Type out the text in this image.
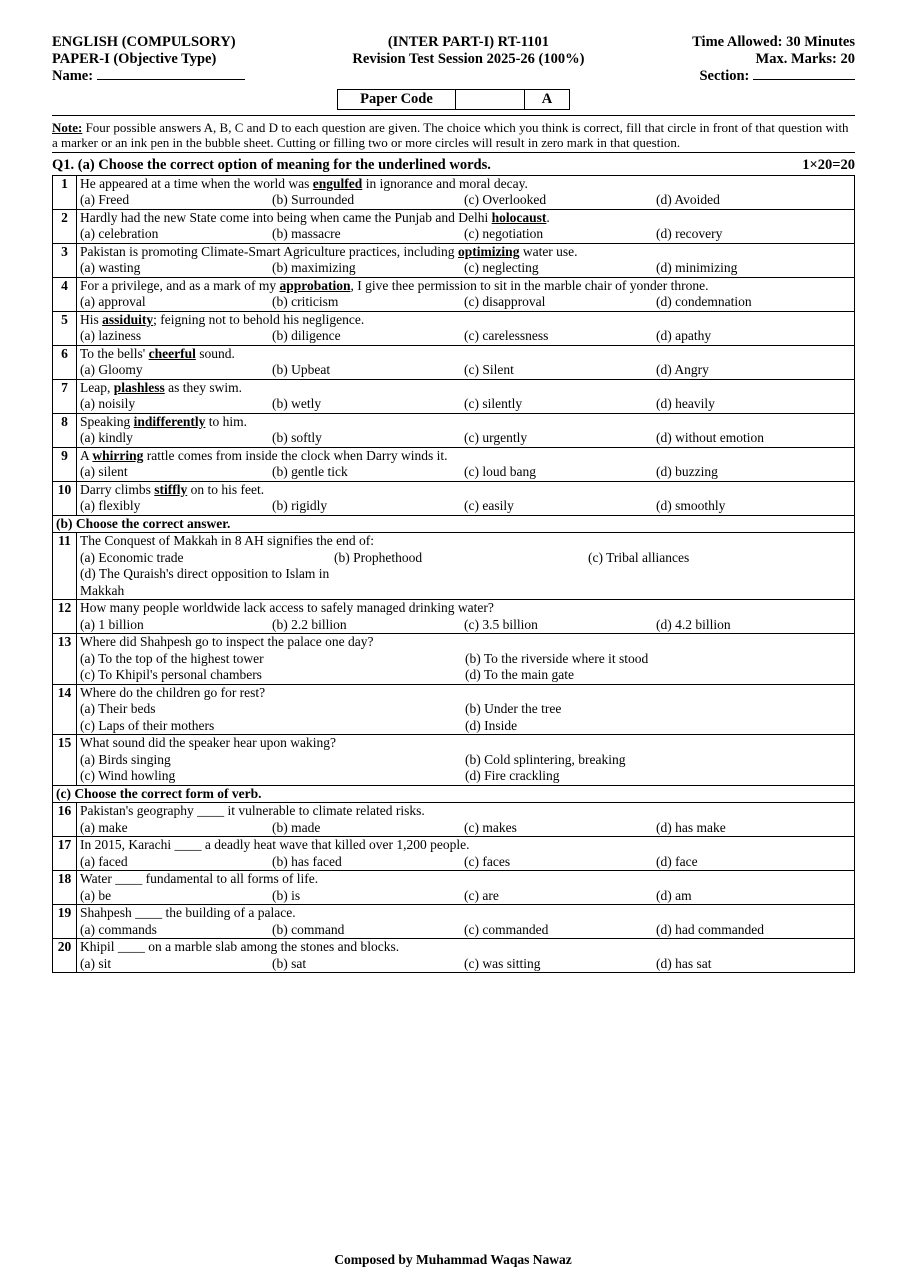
ENGLISH (COMPULSORY)
PAPER-I (Objective Type)
Name:
(INTER PART-I) RT-1101
Revision Test Session 2025-26 (100%)
Time Allowed: 30 Minutes
Max. Marks: 20
Section:
Paper Code		A
Note: Four possible answers A, B, C and D to each question are given. The choice which you think is correct, fill that circle in front of that question with a marker or an ink pen in the bubble sheet. Cutting or filling two or more circles will result in zero mark in that question.
Q1. (a) Choose the correct option of meaning for the underlined words.	1×20=20
1	He appeared at a time when the world was engulfed in ignorance and moral decay.
(a) Freed (b) Surrounded (c) Overlooked (d) Avoided

2	Hardly had the new State come into being when came the Punjab and Delhi holocaust.
(a) celebration (b) massacre (c) negotiation (d) recovery

3	Pakistan is promoting Climate-Smart Agriculture practices, including optimizing water use.
(a) wasting (b) maximizing (c) neglecting (d) minimizing

4	For a privilege, and as a mark of my approbation, I give thee permission to sit in the marble chair of yonder throne.
(a) approval (b) criticism (c) disapproval (d) condemnation

5	His assiduity; feigning not to behold his negligence.
(a) laziness (b) diligence (c) carelessness (d) apathy

6	To the bells' cheerful sound.
(a) Gloomy (b) Upbeat (c) Silent (d) Angry

7	Leap, plashless as they swim.
(a) noisily (b) wetly (c) silently (d) heavily

8	Speaking indifferently to him.
(a) kindly (b) softly (c) urgently (d) without emotion

9	A whirring rattle comes from inside the clock when Darry winds it.
(a) silent (b) gentle tick (c) loud bang (d) buzzing

10	Darry climbs stiffly on to his feet.
(a) flexibly (b) rigidly (c) easily (d) smoothly

(b) Choose the correct answer.	
11	The Conquest of Makkah in 8 AH signifies the end of:
(a) Economic trade (b) Prophethood (c) Tribal alliances
(d) The Quraish's direct opposition to Islam in Makkah

12	How many people worldwide lack access to safely managed drinking water?
(a) 1 billion (b) 2.2 billion (c) 3.5 billion (d) 4.2 billion

13	Where did Shahpesh go to inspect the palace one day?
(a) To the top of the highest tower (b) To the riverside where it stood
(c) To Khipil's personal chambers (d) To the main gate

14	Where do the children go for rest?
(a) Their beds (b) Under the tree
(c) Laps of their mothers (d) Inside

15	What sound did the speaker hear upon waking?
(a) Birds singing (b) Cold splintering, breaking
(c) Wind howling (d) Fire crackling

(c) Choose the correct form of verb.	
16	Pakistan's geography ____ it vulnerable to climate related risks.
(a) make (b) made (c) makes (d) has make

17	In 2015, Karachi ____ a deadly heat wave that killed over 1,200 people.
(a) faced (b) has faced (c) faces (d) face

18	Water ____ fundamental to all forms of life.
(a) be (b) is (c) are (d) am

19	Shahpesh ____ the building of a palace.
(a) commands (b) command (c) commanded (d) had commanded

20	Khipil ____ on a marble slab among the stones and blocks.
(a) sit (b) sat (c) was sitting (d) has sat
Composed by Muhammad Waqas Nawaz
